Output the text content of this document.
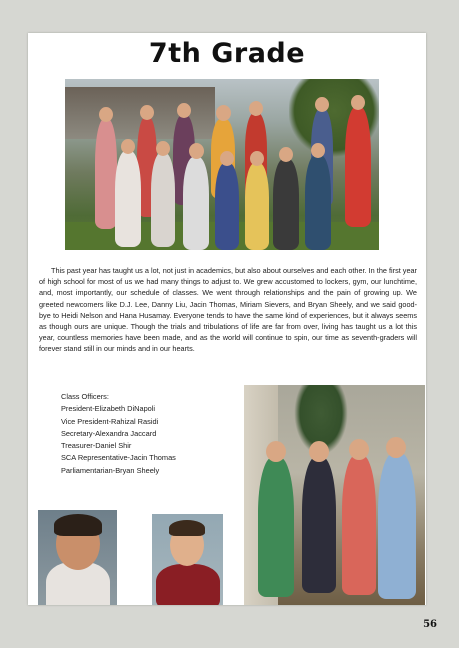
7th Grade
This past year has taught us a lot, not just in academics, but also about ourselves and each other. In the first year of high school for most of us we had many things to adjust to. We grew accustomed to lockers, gym, our lunchtime, and, most importantly, our schedule of classes. We went through relationships and the pain of growing up. We greeted newcomers like D.J. Lee, Danny Liu, Jacin Thomas, Miriam Sievers, and Bryan Sheely, and we said good-bye to Heidi Nelson and Hana Husamay. Everyone tends to have the same kind of experiences, but it always seems as though ours are unique. Though the trials and tribulations of life are far from over, living has taught us a lot this year, countless memories have been made, and as the world will continue to spin, our time as seventh-graders will forever stand still in our minds and in our hearts.
Class Officers:
President-Elizabeth DiNapoli
Vice President-Rahizal Rasidi
Secretary-Alexandra Jaccard
Treasurer-Daniel Shir
SCA Representative-Jacin Thomas
Parliamentarian-Bryan Sheely
56
